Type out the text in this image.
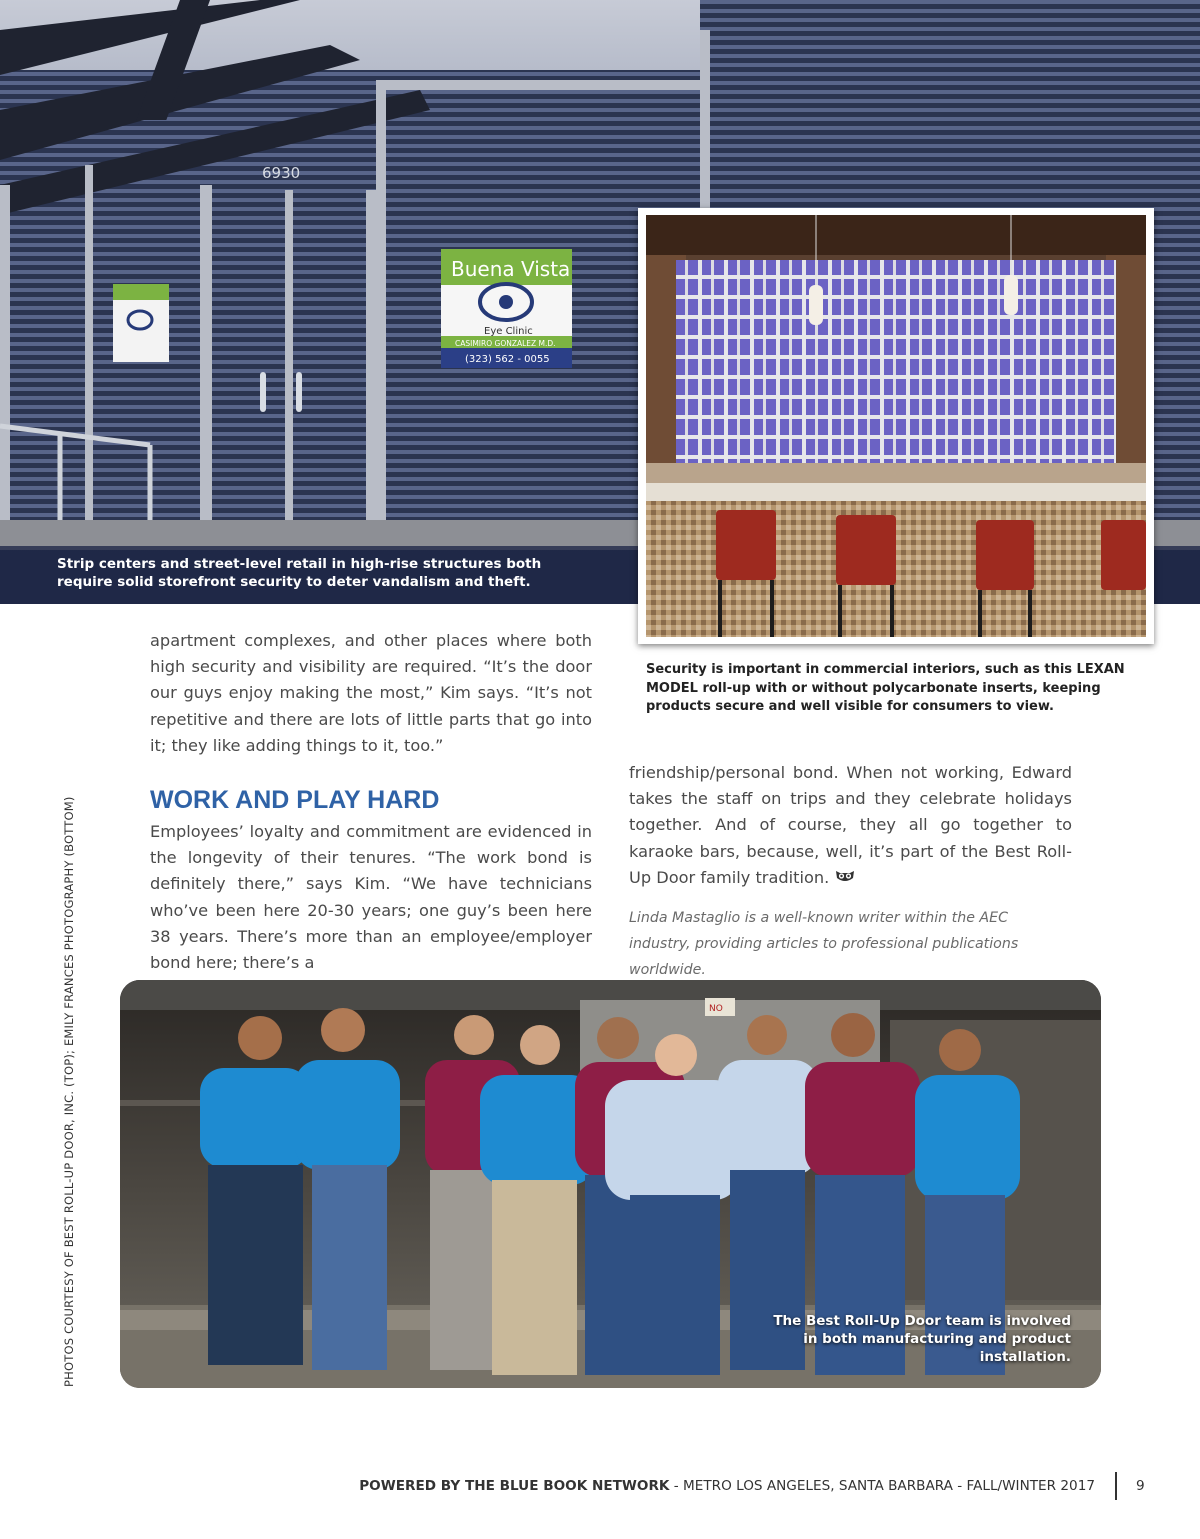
Buena Vista
Eye Clinic
CASIMIRO GONZALEZ M.D.
(323) 562 - 0055
6930
Strip centers and street-level retail in high-rise structures both require solid storefront security to deter vandalism and theft.
Security is important in commercial interiors, such as this LEXAN MODEL roll-up with or without polycarbonate inserts, keeping products secure and well visible for consumers to view.

apartment complexes, and other places where both high security and visibility are required. “It’s the door our guys enjoy making the most,” Kim says. “It’s not repetitive and there are lots of little parts that go into it; they like adding things to it, too.”

WORK AND PLAY HARD

Employees’ loyalty and commitment are evidenced in the longevity of their tenures. “The work bond is definitely there,” says Kim. “We have technicians who’ve been here 20-30 years; one guy’s been here 38 years. There’s more than an employee/employer bond here; there’s a

friendship/personal bond. When not working, Edward takes the staff on trips and they celebrate holidays together. And of course, they all go together to karaoke bars, because, well, it’s part of the Best Roll-Up Door family tradition.

Linda Mastaglio is a well-known writer within the AEC industry, providing articles to professional publications worldwide.

PHOTOS COURTESY OF BEST ROLL-UP DOOR, INC. (TOP); EMILY FRANCES PHOTOGRAPHY (BOTTOM)	NO
The Best Roll-Up Door team is involved in both manufacturing and product installation.
POWERED BY THE BLUE BOOK NETWORK - METRO LOS ANGELES, SANTA BARBARA - FALL/WINTER 2017	9
